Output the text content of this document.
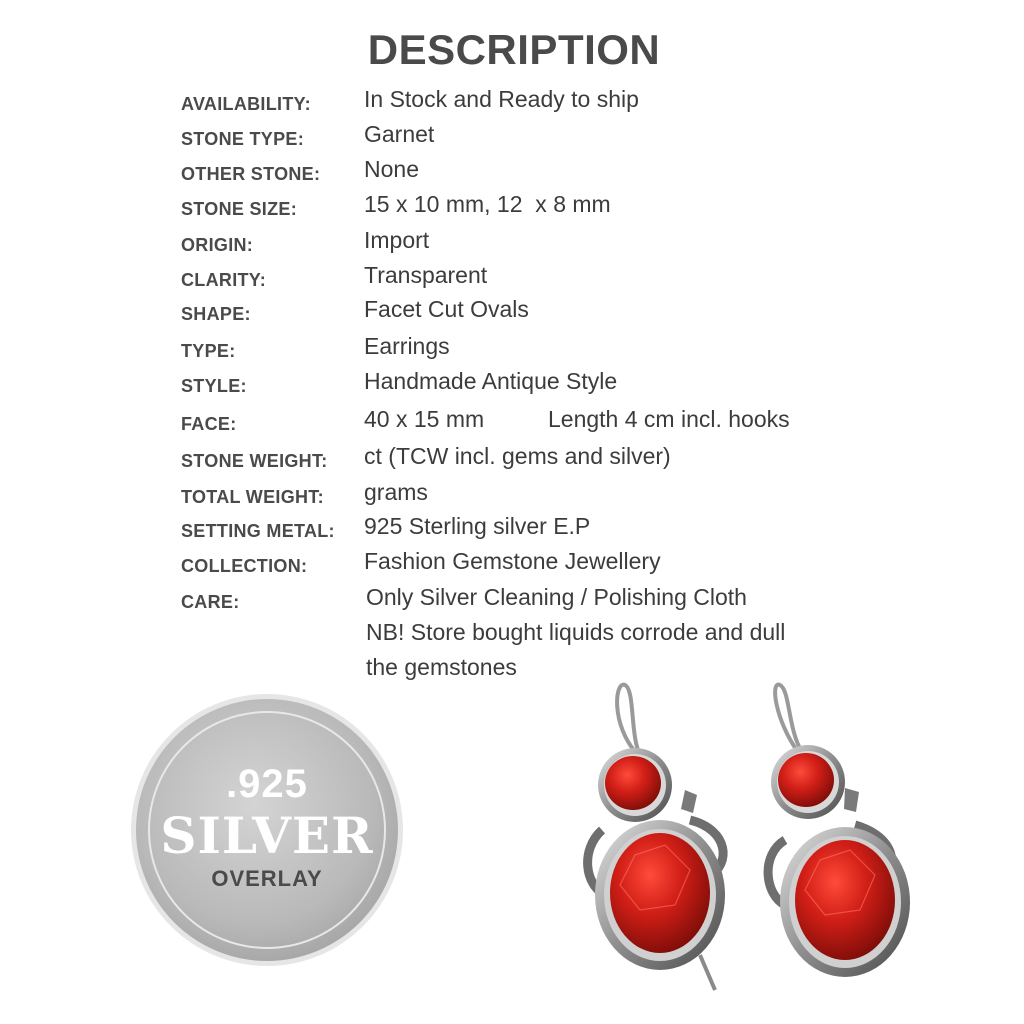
DESCRIPTION
AVAILABILITY: In Stock and Ready to ship
STONE TYPE:	Garnet
OTHER STONE: None
STONE SIZE:	15 x 10 mm, 12  x 8 mm
ORIGIN:	Import
CLARITY:	Transparent
SHAPE:	Facet Cut Ovals
TYPE:	Earrings
STYLE:	Handmade Antique Style
FACE:	40 x 15 mm	Length 4 cm incl. hooks
STONE WEIGHT: ct (TCW incl. gems and silver)
TOTAL WEIGHT: grams
SETTING METAL: 925 Sterling silver E.P
COLLECTION: Fashion Gemstone Jewellery
CARE:	Only Silver Cleaning / Polishing Cloth
NB! Store bought liquids corrode and dull
the gemstones
.925
SILVER
OVERLAY
